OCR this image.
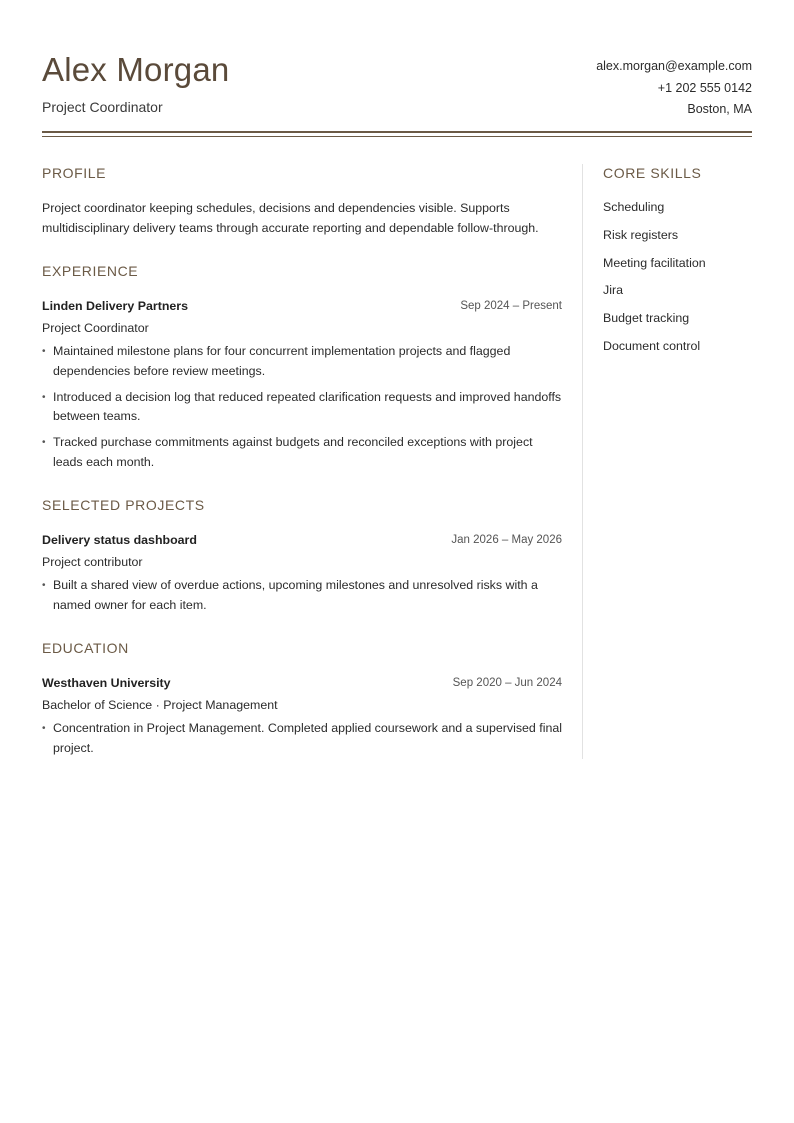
Alex Morgan
Project Coordinator
alex.morgan@example.com
+1 202 555 0142
Boston, MA
PROFILE

Project coordinator keeping schedules, decisions and dependencies visible. Supports multidisciplinary delivery teams through accurate reporting and dependable follow-through.

EXPERIENCE
Linden Delivery Partners	Sep 2024 – Present
Project Coordinator
• Maintained milestone plans for four concurrent implementation projects and flagged dependencies before review meetings.
• Introduced a decision log that reduced repeated clarification requests and improved handoffs between teams.
• Tracked purchase commitments against budgets and reconciled exceptions with project leads each month.
SELECTED PROJECTS
Delivery status dashboard	Jan 2026 – May 2026
Project contributor
• Built a shared view of overdue actions, upcoming milestones and unresolved risks with a named owner for each item.
EDUCATION
Westhaven University	Sep 2020 – Jun 2024
Bachelor of Science · Project Management
• Concentration in Project Management. Completed applied coursework and a supervised final project.
CORE SKILLS
Scheduling
Risk registers
Meeting facilitation
Jira
Budget tracking
Document control
